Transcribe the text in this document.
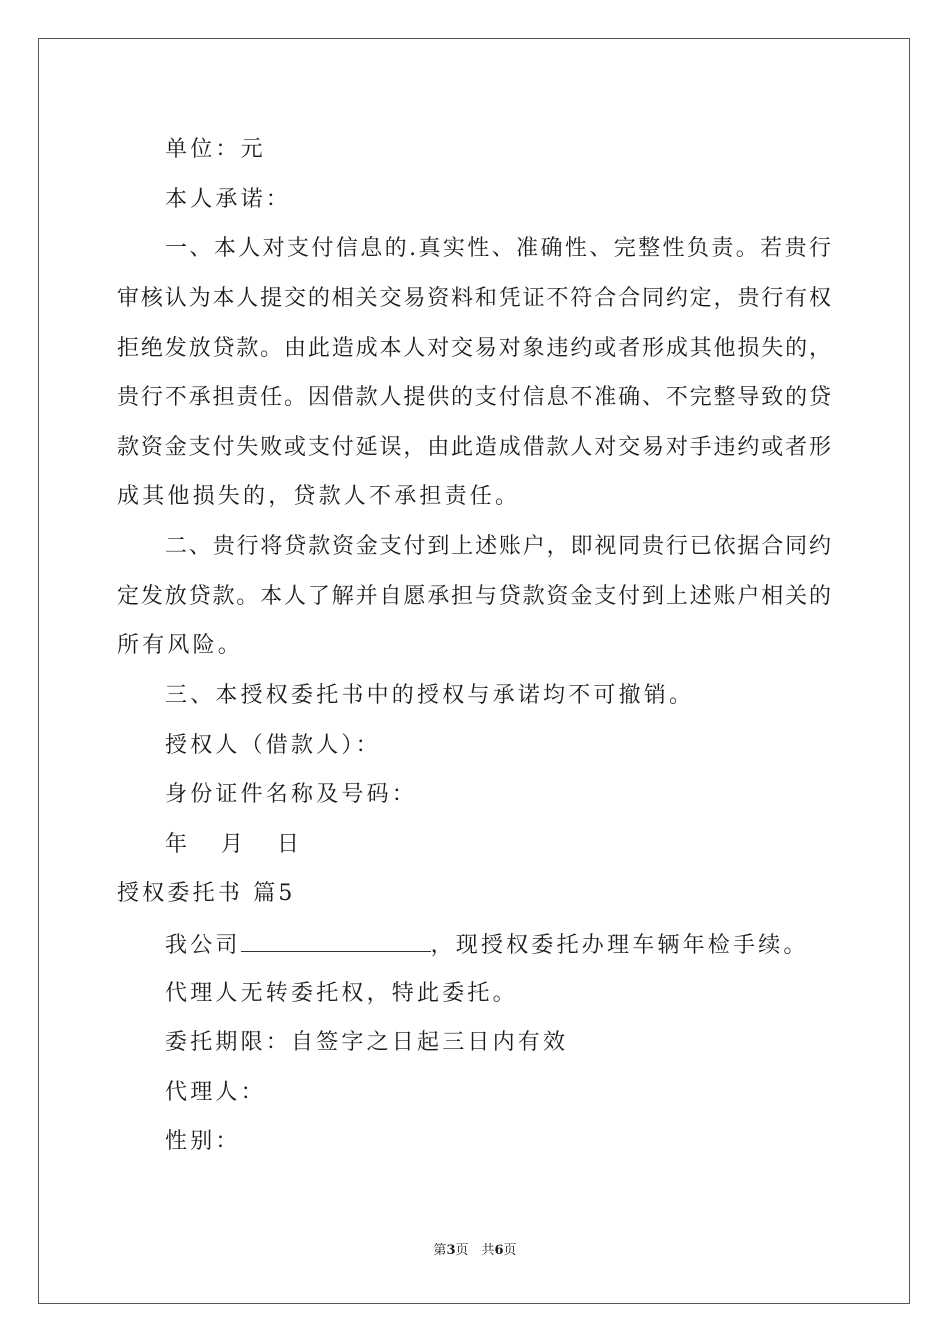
单位：元
本人承诺：
一、本人对支付信息的.真实性、准确性、完整性负责。若贵行
审核认为本人提交的相关交易资料和凭证不符合合同约定，贵行有权
拒绝发放贷款。由此造成本人对交易对象违约或者形成其他损失的，
贵行不承担责任。因借款人提供的支付信息不准确、不完整导致的贷
款资金支付失败或支付延误，由此造成借款人对交易对手违约或者形
成其他损失的，贷款人不承担责任。
二、贵行将贷款资金支付到上述账户，即视同贵行已依据合同约
定发放贷款。本人了解并自愿承担与贷款资金支付到上述账户相关的
所有风险。
三、本授权委托书中的授权与承诺均不可撤销。
授权人（借款人）：
身份证件名称及号码：
年　月　日
授权委托书 篇5
我公司	，现授权委托办理车辆年检手续。
代理人无转委托权，特此委托。
委托期限：自签字之日起三日内有效
代理人：
性别：
第3页　共6页
